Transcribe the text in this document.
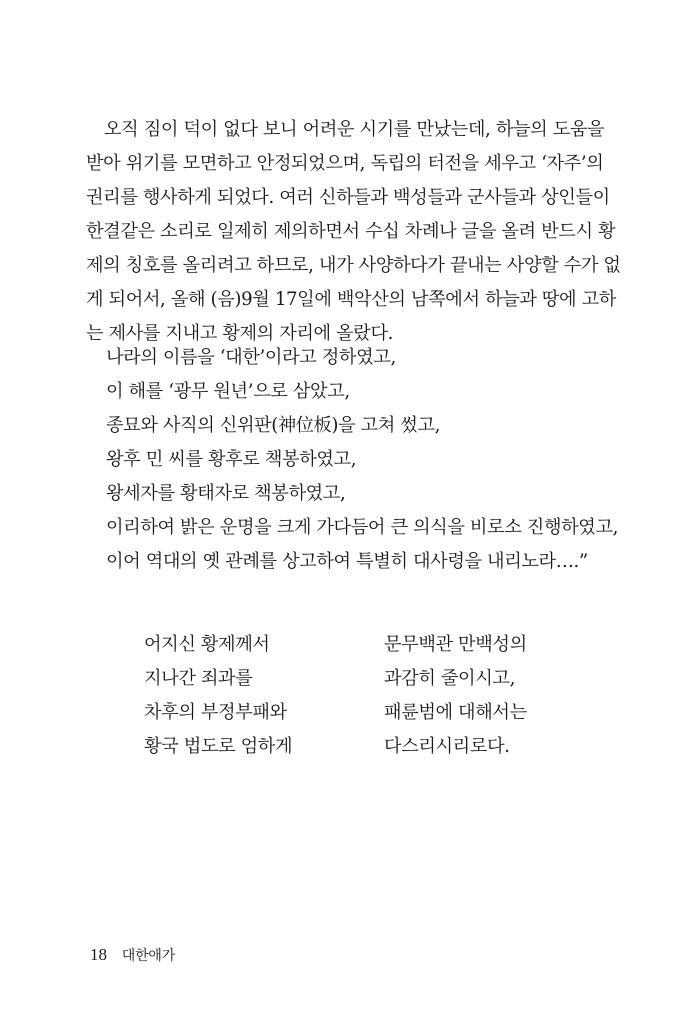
오직 짐이 덕이 없다 보니 어려운 시기를 만났는데, 하늘의 도움을
받아 위기를 모면하고 안정되었으며, 독립의 터전을 세우고 ‘자주’의
권리를 행사하게 되었다. 여러 신하들과 백성들과 군사들과 상인들이
한결같은 소리로 일제히 제의하면서 수십 차례나 글을 올려 반드시 황
제의 칭호를 올리려고 하므로, 내가 사양하다가 끝내는 사양할 수가 없
게 되어서, 올해 (음)9월 17일에 백악산의 남쪽에서 하늘과 땅에 고하
는 제사를 지내고 황제의 자리에 올랐다.
나라의 이름을 ‘대한’이라고 정하였고,
이 해를 ‘광무 원년’으로 삼았고,
종묘와 사직의 신위판(神位板)을 고쳐 썼고,
왕후 민 씨를 황후로 책봉하였고,
왕세자를 황태자로 책봉하였고,
이리하여 밝은 운명을 크게 가다듬어 큰 의식을 비로소 진행하였고,
이어 역대의 옛 관례를 상고하여 특별히 대사령을 내리노라….”
어지신 황제께서
지나간 죄과를
차후의 부정부패와
황국 법도로 엄하게
문무백관 만백성의
과감히 줄이시고,
패륜범에 대해서는
다스리시리로다.
18 대한애가
